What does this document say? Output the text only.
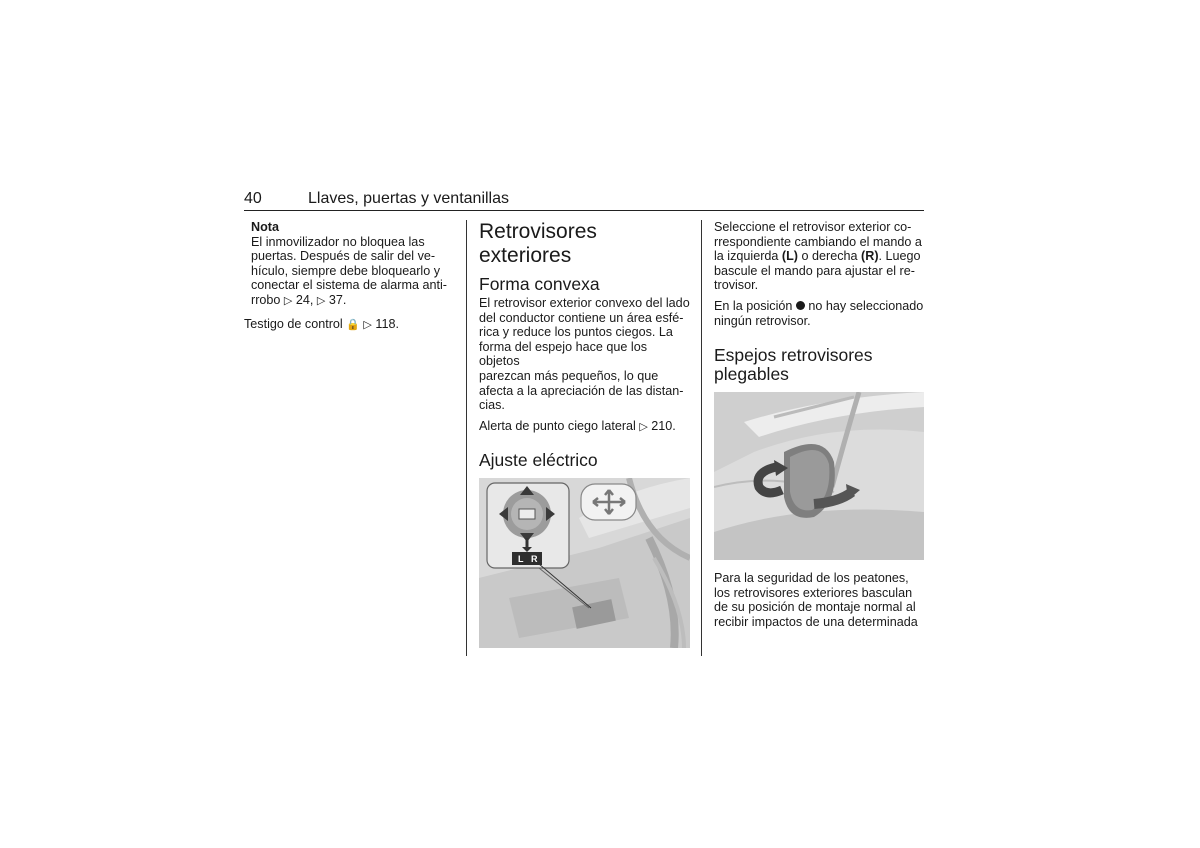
40	Llaves, puertas y ventanillas

Nota

El inmovilizador no bloquea las

puertas. Después de salir del ve-

hículo, siempre debe bloquearlo y

conectar el sistema de alarma anti-

rrobo ▷ 24, ▷ 37.

Testigo de control 🔒 ▷ 118.

Retrovisores exteriores
Forma convexa

El retrovisor exterior convexo del lado

del conductor contiene un área esfé-

rica y reduce los puntos ciegos. La

forma del espejo hace que los objetos

parezcan más pequeños, lo que

afecta a la apreciación de las distan-

cias.

Alerta de punto ciego lateral ▷ 210.

Ajuste eléctrico
L R

Seleccione el retrovisor exterior co-

rrespondiente cambiando el mando a

la izquierda (L) o derecha (R). Luego

bascule el mando para ajustar el re-

trovisor.

En la posición  no hay seleccionado

ningún retrovisor.

Espejos retrovisores
plegables

Para la seguridad de los peatones,

los retrovisores exteriores basculan

de su posición de montaje normal al

recibir impactos de una determinada
